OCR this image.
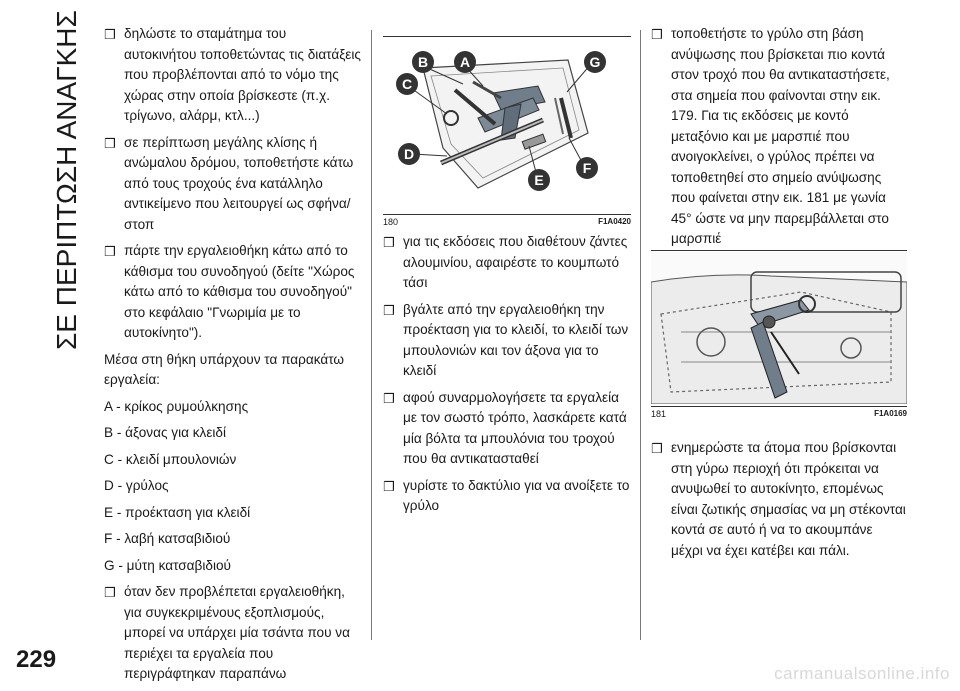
ΣΕ ΠΕΡΙΠΤΩΣΗ ΑΝΑΓΚΗΣ
229
carmanualsonline.info
❒ δηλώστε το σταμάτημα του αυτοκινήτου τοποθετώντας τις διατάξεις που προβλέπονται από το νόμο της χώρας στην οποία βρίσκεστε (π.χ. τρίγωνο, αλάρμ, κτλ...)
❒ σε περίπτωση μεγάλης κλίσης ή ανώμαλου δρόμου, τοποθετήστε κάτω από τους τροχούς ένα κατάλληλο αντικείμενο που λειτουργεί ως σφήνα/στοπ
❒ πάρτε την εργαλειοθήκη κάτω από το κάθισμα του συνοδηγού (δείτε "Χώρος κάτω από το κάθισμα του συνοδηγού" στο κεφάλαιο "Γνωριμία με το αυτοκίνητο").
Μέσα στη θήκη υπάρχουν τα παρακάτω εργαλεία:
A - κρίκος ρυμούλκησης
B - άξονας για κλειδί
C - κλειδί μπουλονιών
D - γρύλος
E - προέκταση για κλειδί
F - λαβή κατσαβιδιού
G - μύτη κατσαβιδιού
❒ όταν δεν προβλέπεται εργαλειοθήκη, για συγκεκριμένους εξοπλισμούς, μπορεί να υπάρχει μία τσάντα που να περιέχει τα εργαλεία που περιγράφτηκαν παραπάνω
B A	G
C
D
E
F
180	F1A0420
❒ για τις εκδόσεις που διαθέτουν ζάντες αλουμινίου, αφαιρέστε το κουμπωτό τάσι
❒ βγάλτε από την εργαλειοθήκη την προέκταση για το κλειδί, το κλειδί των μπουλονιών και τον άξονα για το κλειδί
❒ αφού συναρμολογήσετε τα εργαλεία με τον σωστό τρόπο, λασκάρετε κατά μία βόλτα τα μπουλόνια του τροχού που θα αντικατασταθεί
❒ γυρίστε το δακτύλιο για να ανοίξετε το γρύλο
❒ τοποθετήστε το γρύλο στη βάση ανύψωσης που βρίσκεται πιο κοντά στον τροχό που θα αντικαταστήσετε, στα σημεία που φαίνονται στην εικ. 179. Για τις εκδόσεις με κοντό μεταξόνιο και με μαρσπιέ που ανοιγοκλείνει, ο γρύλος πρέπει να τοποθετηθεί στο σημείο ανύψωσης που φαίνεται στην εικ. 181 με γωνία 45° ώστε να μην παρεμβάλλεται στο μαρσπιέ
181	F1A0169
❒ ενημερώστε τα άτομα που βρίσκονται στη γύρω περιοχή ότι πρόκειται να ανυψωθεί το αυτοκίνητο, επομένως είναι ζωτικής σημασίας να μη στέκονται κοντά σε αυτό ή να το ακουμπάνε μέχρι να έχει κατέβει και πάλι.
